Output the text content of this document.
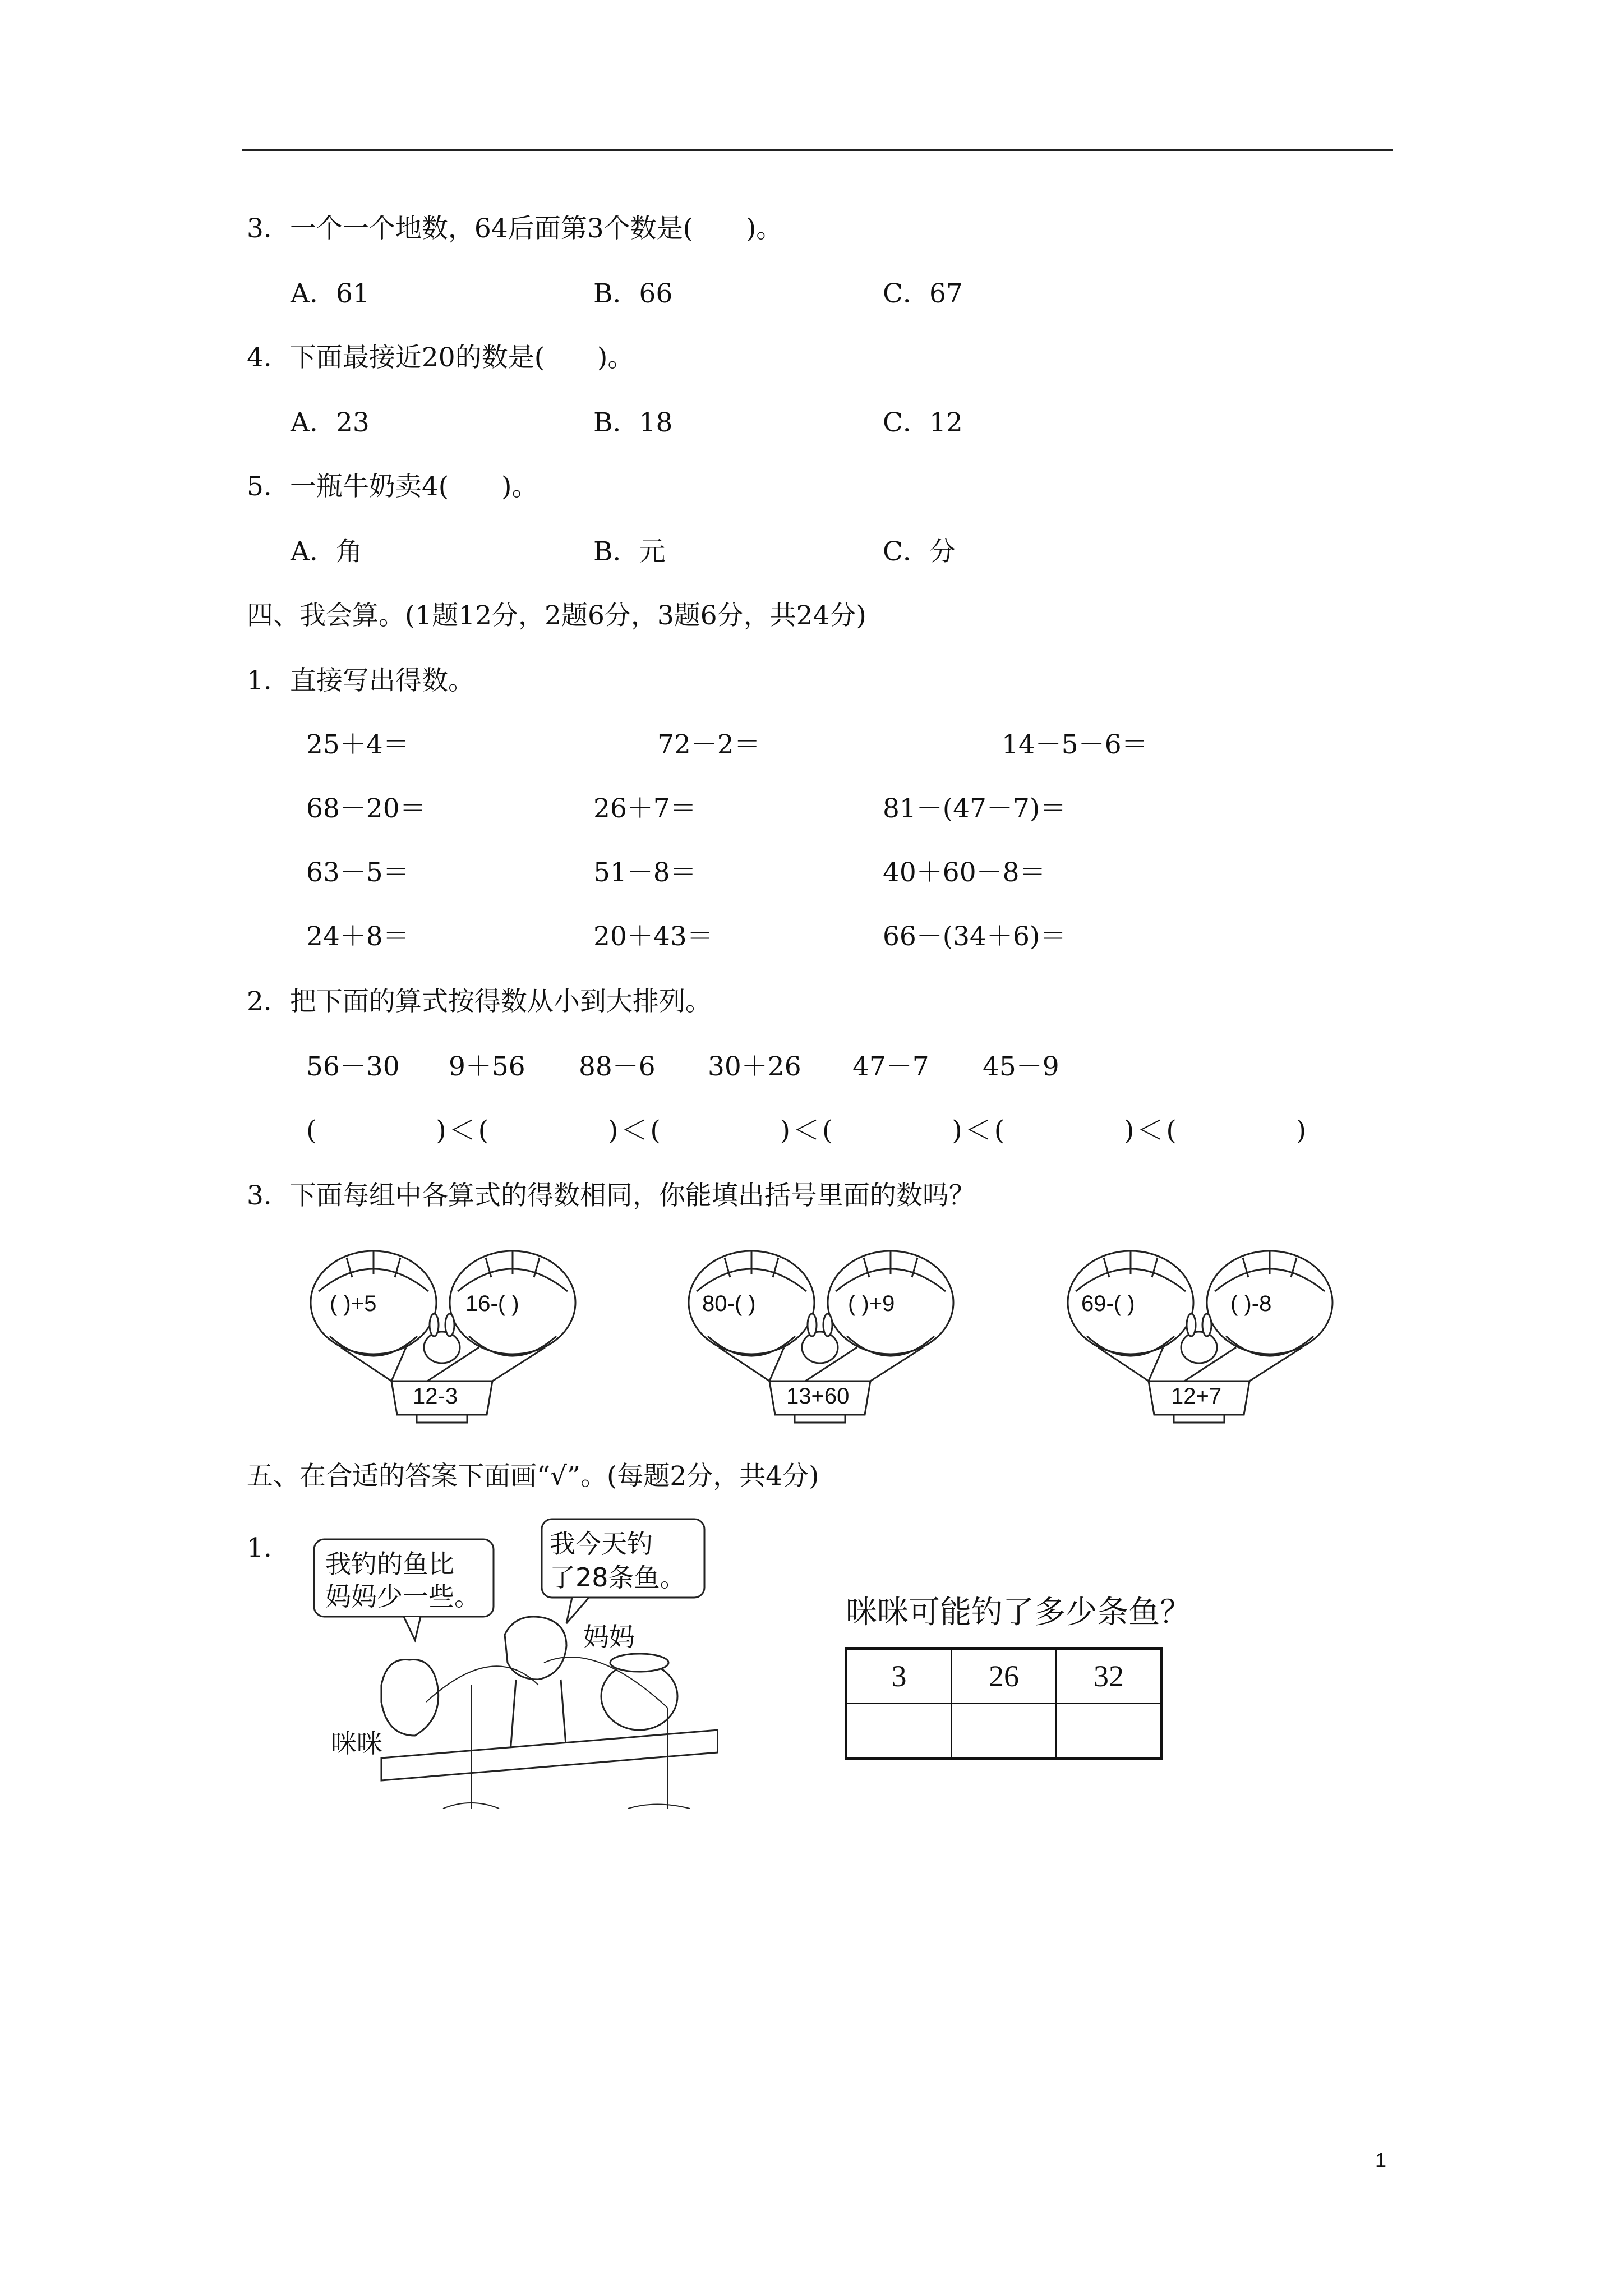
3．一个一个地数，64后面第3个数是(　　)。
A．61	B．66	C．67
4．下面最接近20的数是(　　)。
A．23	B．18	C．12
5．一瓶牛奶卖4(　　)。
A．角	B．元	C．分
四、我会算。(1题12分，2题6分，3题6分，共24分)
1．直接写出得数。
25＋4＝	72－2＝	14－5－6＝
68－20＝	26＋7＝	81－(47－7)＝
63－5＝	51－8＝	40＋60－8＝
24＋8＝	20＋43＝	66－(34＋6)＝
2．把下面的算式按得数从小到大排列。
56－30 9＋56 88－6 30＋26 47－7 45－9
(　　　　)＜(　　　　)＜(　　　　)＜(　　　　)＜(　　　　)＜(　　　　)
3．下面每组中各算式的得数相同，你能填出括号里面的数吗？
( )+5	16-( )
12-3
80-( )	( )+9
13+60
69-( )	( )-8
12+7
五、在合适的答案下面画“√”。(每题2分，共4分)
1.
我钓的鱼比
妈妈少一些。
我今天钓
了28条鱼。
妈妈
咪咪
咪咪可能钓了多少条鱼？
3	26	32

1
